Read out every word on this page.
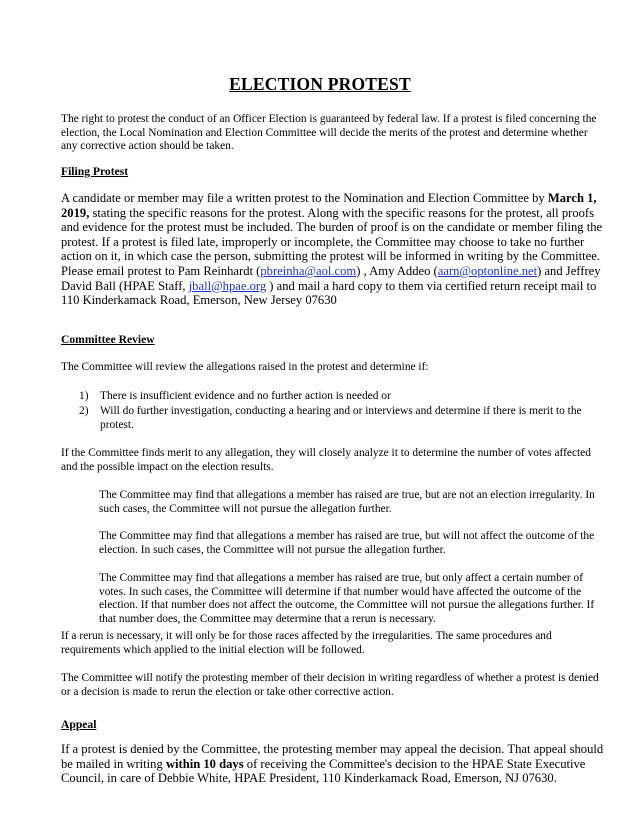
ELECTION PROTEST

The right to protest the conduct of an Officer Election is guaranteed by federal law. If a protest is filed concerning the election, the Local Nomination and Election Committee will decide the merits of the protest and determine whether any corrective action should be taken.

Filing Protest

A candidate or member may file a written protest to the Nomination and Election Committee by March 1, 2019, stating the specific reasons for the protest. Along with the specific reasons for the protest, all proofs and evidence for the protest must be included. The burden of proof is on the candidate or member filing the protest. If a protest is filed late, improperly or incomplete, the Committee may choose to take no further action on it, in which case the person, submitting the protest will be informed in writing by the Committee. Please email protest to Pam Reinhardt (pbreinha@aol.com) , Amy Addeo (aarn@optonline.net) and Jeffrey David Ball (HPAE Staff, jball@hpae.org ) and mail a hard copy to them via certified return receipt mail to 110 Kinderkamack Road, Emerson, New Jersey 07630

Committee Review

The Committee will review the allegations raised in the protest and determine if:

1) There is insufficient evidence and no further action is needed or
2) Will do further investigation, conducting a hearing and or interviews and determine if there is merit to the protest.

If the Committee finds merit to any allegation, they will closely analyze it to determine the number of votes affected and the possible impact on the election results.

The Committee may find that allegations a member has raised are true, but are not an election irregularity. In such cases, the Committee will not pursue the allegation further.

The Committee may find that allegations a member has raised are true, but will not affect the outcome of the election. In such cases, the Committee will not pursue the allegation further.

The Committee may find that allegations a member has raised are true, but only affect a certain number of votes. In such cases, the Committee will determine if that number would have affected the outcome of the election. If that number does not affect the outcome, the Committee will not pursue the allegations further. If that number does, the Committee may determine that a rerun is necessary.

If a rerun is necessary, it will only be for those races affected by the irregularities. The same procedures and requirements which applied to the initial election will be followed.

The Committee will notify the protesting member of their decision in writing regardless of whether a protest is denied or a decision is made to rerun the election or take other corrective action.

Appeal

If a protest is denied by the Committee, the protesting member may appeal the decision. That appeal should be mailed in writing within 10 days of receiving the Committee's decision to the HPAE State Executive Council, in care of Debbie White, HPAE President, 110 Kinderkamack Road, Emerson, NJ 07630.
